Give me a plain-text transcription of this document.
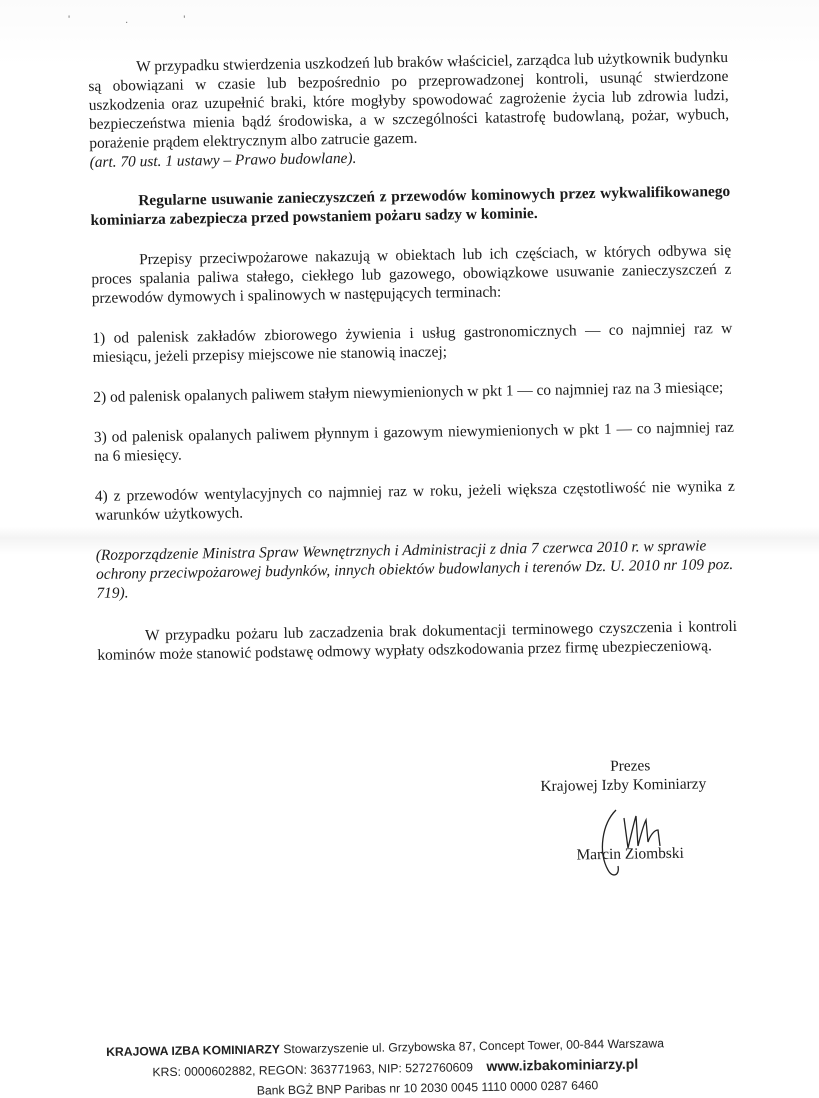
' . '

W przypadku stwierdzenia uszkodzeń lub braków właściciel, zarządca lub użytkownik budynku są obowiązani w czasie lub bezpośrednio po przeprowadzonej kontroli, usunąć stwierdzone uszkodzenia oraz uzupełnić braki, które mogłyby spowodować zagrożenie życia lub zdrowia ludzi, bezpieczeństwa mienia bądź środowiska, a w szczególności katastrofę budowlaną, pożar, wybuch, porażenie prądem elektrycznym albo zatrucie gazem.

(art. 70 ust. 1 ustawy – Prawo budowlane).

Regularne usuwanie zanieczyszczeń z przewodów kominowych przez wykwalifikowanego kominiarza zabezpiecza przed powstaniem pożaru sadzy w kominie.

Przepisy przeciwpożarowe nakazują w obiektach lub ich częściach, w których odbywa się proces spalania paliwa stałego, ciekłego lub gazowego, obowiązkowe usuwanie zanieczyszczeń z przewodów dymowych i spalinowych w następujących terminach:

1) od palenisk zakładów zbiorowego żywienia i usług gastronomicznych — co najmniej raz w miesiącu, jeżeli przepisy miejscowe nie stanowią inaczej;

2) od palenisk opalanych paliwem stałym niewymienionych w pkt 1 — co najmniej raz na 3 miesiące;

3) od palenisk opalanych paliwem płynnym i gazowym niewymienionych w pkt 1 — co najmniej raz na 6 miesięcy.

4) z przewodów wentylacyjnych co najmniej raz w roku, jeżeli większa częstotliwość nie wynika z warunków użytkowych.

(Rozporządzenie Ministra Spraw Wewnętrznych i Administracji z dnia 7 czerwca 2010 r. w sprawie ochrony przeciwpożarowej budynków, innych obiektów budowlanych i terenów Dz. U. 2010 nr 109 poz. 719).

W przypadku pożaru lub zaczadzenia brak dokumentacji terminowego czyszczenia i kontroli kominów może stanowić podstawę odmowy wypłaty odszkodowania przez firmę ubezpieczeniową.

Prezes
Krajowej Izby Kominiarzy
Marcin Ziombski
KRAJOWA IZBA KOMINIARZY Stowarzyszenie ul. Grzybowska 87, Concept Tower, 00-844 Warszawa
KRS: 0000602882, REGON: 363771963, NIP: 5272760609 www.izbakominiarzy.pl
Bank BGŻ BNP Paribas nr 10 2030 0045 1110 0000 0287 6460
